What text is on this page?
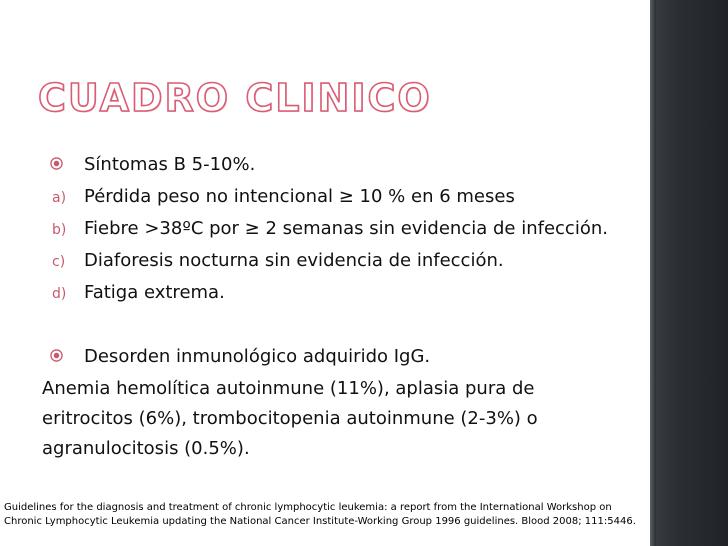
CUADRO CLINICO
Síntomas B 5-10%.
a) Pérdida peso no intencional ≥ 10 % en 6 meses
b) Fiebre >38ºC por ≥ 2 semanas sin evidencia de infección.
c) Diaforesis nocturna sin evidencia de infección.
d) Fatiga extrema.
Desorden inmunológico adquirido IgG.

Anemia hemolítica autoinmune (11%), aplasia pura de eritrocitos (6%), trombocitopenia autoinmune (2-3%) o agranulocitosis (0.5%).

Guidelines for the diagnosis and treatment of chronic lymphocytic leukemia: a report from the International Workshop on Chronic Lymphocytic Leukemia updating the National Cancer Institute-Working Group 1996 guidelines. Blood 2008; 111:5446.
